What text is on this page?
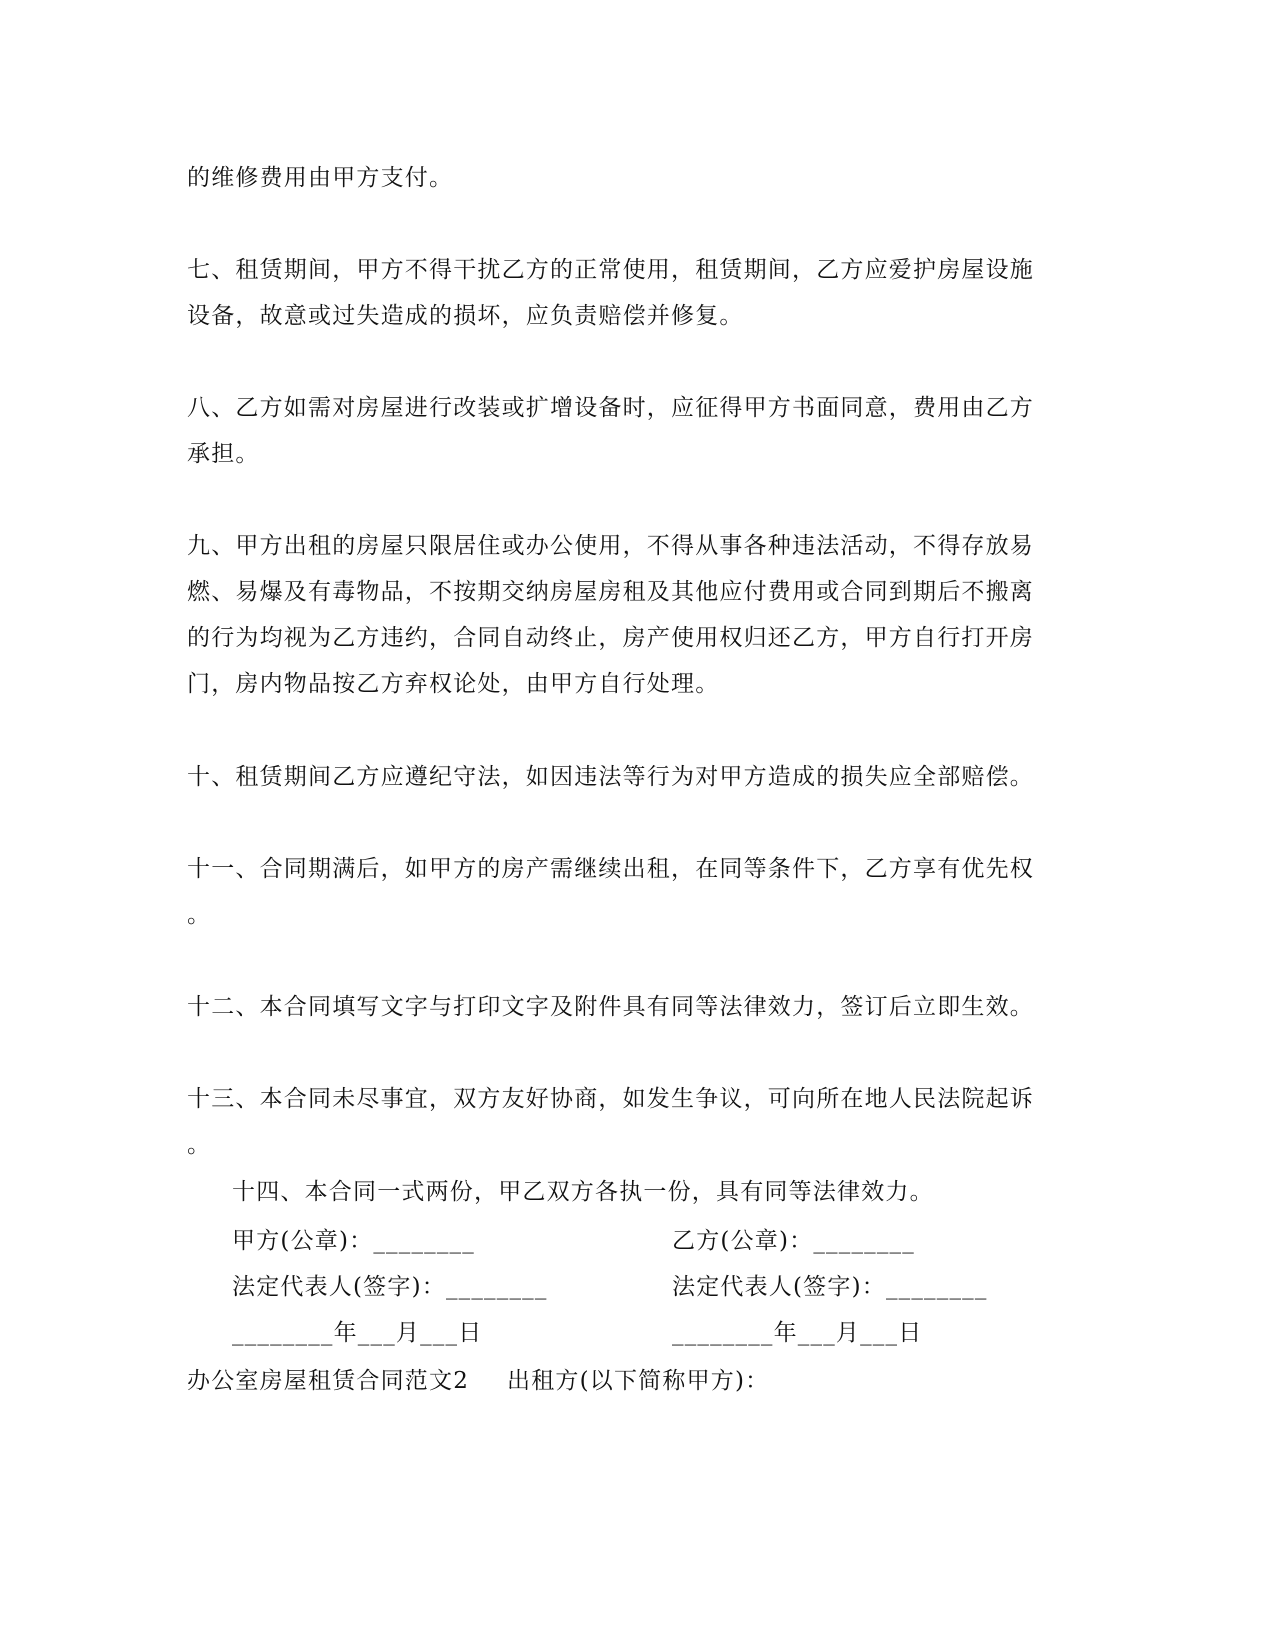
的维修费用由甲方支付。
七、租赁期间，甲方不得干扰乙方的正常使用，租赁期间，乙方应爱护房屋设施
设备，故意或过失造成的损坏，应负责赔偿并修复。
八、乙方如需对房屋进行改装或扩增设备时，应征得甲方书面同意，费用由乙方
承担。
九、甲方出租的房屋只限居住或办公使用，不得从事各种违法活动，不得存放易
燃、易爆及有毒物品，不按期交纳房屋房租及其他应付费用或合同到期后不搬离
的行为均视为乙方违约，合同自动终止，房产使用权归还乙方，甲方自行打开房
门，房内物品按乙方弃权论处，由甲方自行处理。
十、租赁期间乙方应遵纪守法，如因违法等行为对甲方造成的损失应全部赔偿。
十一、合同期满后，如甲方的房产需继续出租，在同等条件下，乙方享有优先权
。
十二、本合同填写文字与打印文字及附件具有同等法律效力，签订后立即生效。
十三、本合同未尽事宜，双方友好协商，如发生争议，可向所在地人民法院起诉
。
十四、本合同一式两份，甲乙双方各执一份，具有同等法律效力。
甲方(公章)：________	乙方(公章)：________
法定代表人(签字)：________	法定代表人(签字)：________
________年___月___日	________年___月___日
办公室房屋租赁合同范文2 出租方(以下简称甲方)：
